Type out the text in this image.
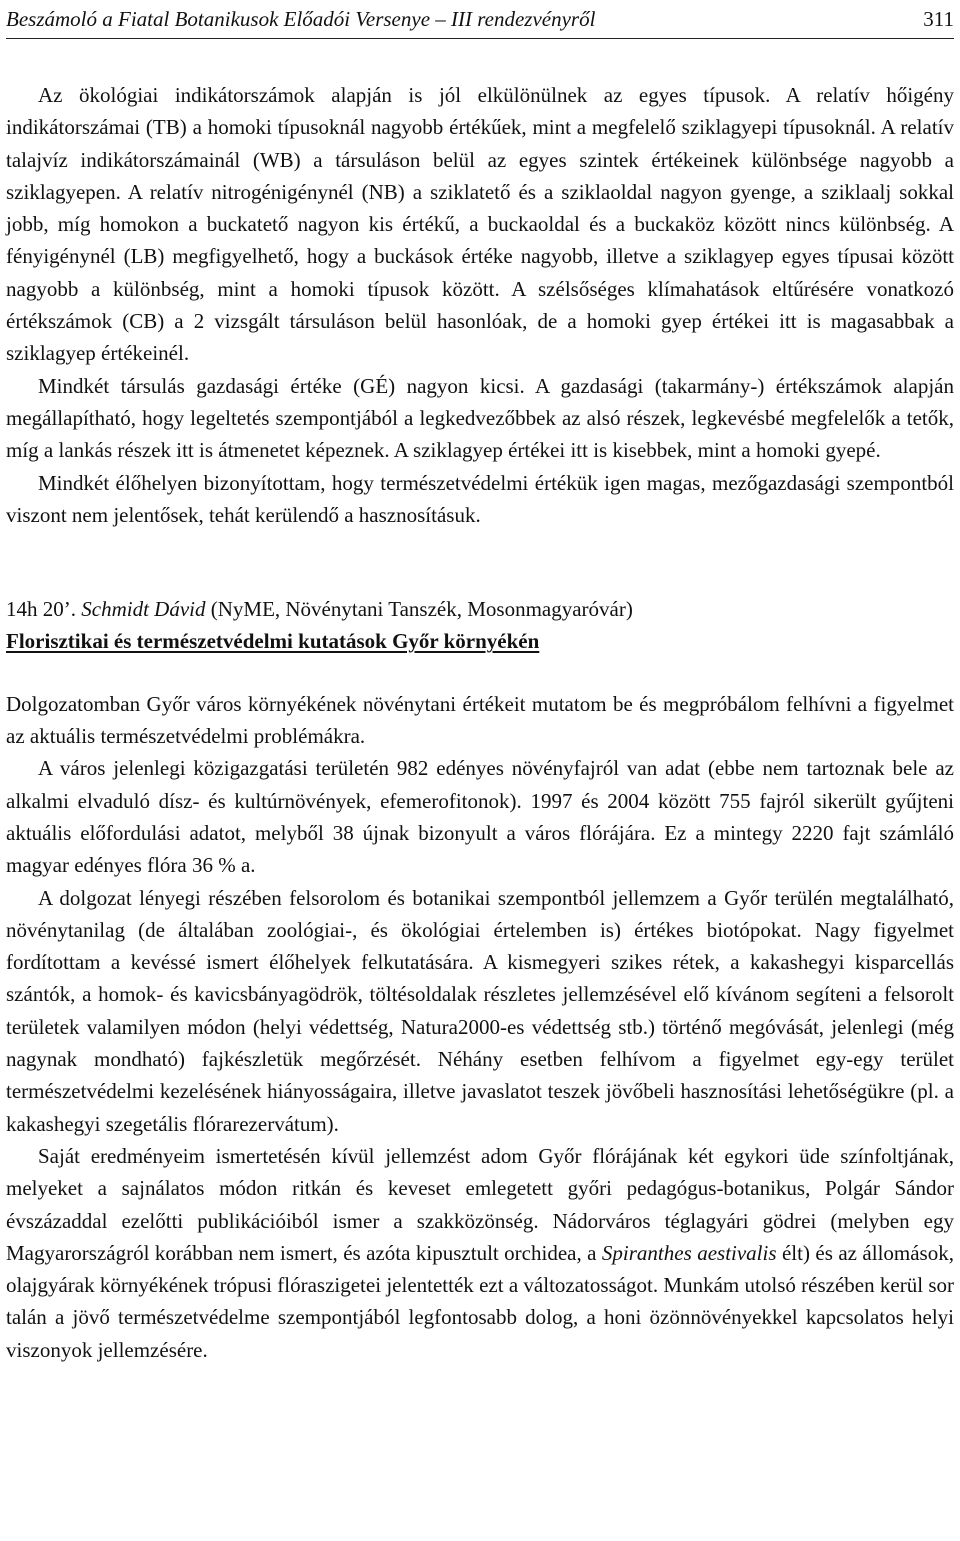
Beszámoló a Fiatal Botanikusok Előadói Versenye – III rendezvényről	311

Az ökológiai indikátorszámok alapján is jól elkülönülnek az egyes típusok. A relatív hőigény indikátorszámai (TB) a homoki típusoknál nagyobb értékűek, mint a megfelelő sziklagyepi típusoknál. A relatív talajvíz indikátorszámainál (WB) a társuláson belül az egyes szintek értékeinek különbsége nagyobb a sziklagyepen. A relatív nitrogénigénynél (NB) a sziklatető és a sziklaoldal nagyon gyenge, a sziklaalj sokkal jobb, míg homokon a buckatető nagyon kis értékű, a buckaoldal és a buckaköz között nincs különbség. A fényigénynél (LB) megfigyelhető, hogy a buckások értéke nagyobb, illetve a sziklagyep egyes típusai között nagyobb a különbség, mint a homoki típusok között. A szélsőséges klímahatások eltűrésére vonatkozó értékszámok (CB) a 2 vizsgált társuláson belül hasonlóak, de a homoki gyep értékei itt is magasabbak a sziklagyep értékeinél.

Mindkét társulás gazdasági értéke (GÉ) nagyon kicsi. A gazdasági (takarmány-) értékszámok alapján megállapítható, hogy legeltetés szempontjából a legkedvezőbbek az alsó részek, legkevésbé megfelelők a tetők, míg a lankás részek itt is átmenetet képeznek. A sziklagyep értékei itt is kisebbek, mint a homoki gyepé.

Mindkét élőhelyen bizonyítottam, hogy természetvédelmi értékük igen magas, mezőgazdasági szempontból viszont nem jelentősek, tehát kerülendő a hasznosításuk.

14h 20’. Schmidt Dávid (NyME, Növénytani Tanszék, Mosonmagyaróvár)

Florisztikai és természetvédelmi kutatások Győr környékén

Dolgozatomban Győr város környékének növénytani értékeit mutatom be és megpróbálom felhívni a figyelmet az aktuális természetvédelmi problémákra.

A város jelenlegi közigazgatási területén 982 edényes növényfajról van adat (ebbe nem tartoznak bele az alkalmi elvaduló dísz- és kultúrnövények, efemerofitonok). 1997 és 2004 között 755 fajról sikerült gyűjteni aktuális előfordulási adatot, melyből 38 újnak bizonyult a város flórájára. Ez a mintegy 2220 fajt számláló magyar edényes flóra 36 % a.

A dolgozat lényegi részében felsorolom és botanikai szempontból jellemzem a Győr terülén megtalálható, növénytanilag (de általában zoológiai-, és ökológiai értelemben is) értékes biotópokat. Nagy figyelmet fordítottam a kevéssé ismert élőhelyek felkutatására. A kismegyeri szikes rétek, a kakashegyi kisparcellás szántók, a homok- és kavicsbányagödrök, töltésoldalak részletes jellemzésével elő kívánom segíteni a felsorolt területek valamilyen módon (helyi védettség, Natura2000-es védettség stb.) történő megóvását, jelenlegi (még nagynak mondható) fajkészletük megőrzését. Néhány esetben felhívom a figyelmet egy-egy terület természetvédelmi kezelésének hiányosságaira, illetve javaslatot teszek jövőbeli hasznosítási lehetőségükre (pl. a kakashegyi szegetális flórarezervátum).

Saját eredményeim ismertetésén kívül jellemzést adom Győr flórájának két egykori üde színfoltjának, melyeket a sajnálatos módon ritkán és keveset emlegetett győri pedagógus-botanikus, Polgár Sándor évszázaddal ezelőtti publikációiból ismer a szakközönség. Nádorváros téglagyári gödrei (melyben egy Magyarországról korábban nem ismert, és azóta kipusztult orchidea, a Spiranthes aestivalis élt) és az állomások, olajgyárak környékének trópusi flóraszigetei jelentették ezt a változatosságot. Munkám utolsó részében kerül sor talán a jövő természetvédelme szempontjából legfontosabb dolog, a honi özönnövényekkel kapcsolatos helyi viszonyok jellemzésére.
